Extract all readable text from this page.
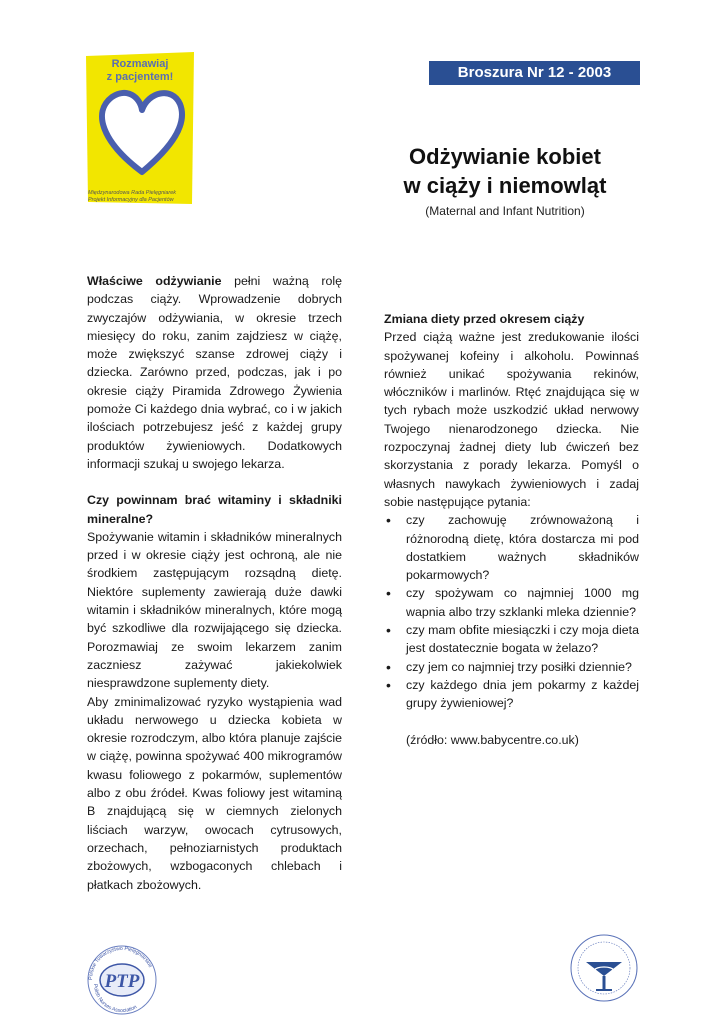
Rozmawiaj
z pacjentem!
Międzynarodowa Rada Pielęgniarek
Projekt Informacyjny dla Pacjentów
Broszura Nr 12 - 2003
Odżywianie kobiet
w ciąży i niemowląt
(Maternal and Infant Nutrition)

Właściwe odżywianie pełni ważną rolę podczas ciąży. Wprowadzenie dobrych zwyczajów odżywiania, w okresie trzech miesięcy do roku, zanim zajdziesz w ciążę, może zwiększyć szanse zdrowej ciąży i dziecka. Zarówno przed, podczas, jak i po okresie ciąży Piramida Zdrowego Żywienia pomoże Ci każdego dnia wybrać, co i w jakich ilościach potrzebujesz jeść z każdej grupy produktów żywieniowych. Dodatkowych informacji szukaj u swojego lekarza.

Czy powinnam brać witaminy i składniki mineralne?

Spożywanie witamin i składników mineralnych przed i w okresie ciąży jest ochroną, ale nie środkiem zastępującym rozsądną dietę. Niektóre suplementy zawierają duże dawki witamin i składników mineralnych, które mogą być szkodliwe dla rozwijającego się dziecka. Porozmawiaj ze swoim lekarzem zanim zaczniesz zażywać jakiekolwiek niesprawdzone suplementy diety.

Aby zminimalizować ryzyko wystąpienia wad układu nerwowego u dziecka kobieta w okresie rozrodczym, albo która planuje zajście w ciążę, powinna spożywać 400 mikrogramów kwasu foliowego z pokarmów, suplementów albo z obu źródeł. Kwas foliowy jest witaminą B znajdującą się w ciemnych zielonych liściach warzyw, owocach cytrusowych, orzechach, pełnoziarnistych produktach zbożowych, wzbogaconych chlebach i płatkach zbożowych.

Zmiana diety przed okresem ciąży

Przed ciążą ważne jest zredukowanie ilości spożywanej kofeiny i alkoholu. Powinnaś również unikać spożywania rekinów, włóczników i marlinów. Rtęć znajdująca się w tych rybach może uszkodzić układ nerwowy Twojego nienarodzonego dziecka. Nie rozpoczynaj żadnej diety lub ćwiczeń bez skorzystania z porady lekarza. Pomyśl o własnych nawykach żywieniowych i zadaj sobie następujące pytania:

• czy zachowuję zrównoważoną i różnorodną dietę, która dostarcza mi pod dostatkiem ważnych składników pokarmowych?
• czy spożywam co najmniej 1000 mg wapnia albo trzy szklanki mleka dziennie?
• czy mam obfite miesiączki i czy moja dieta jest dostatecznie bogata w żelazo?
• czy jem co najmniej trzy posiłki dziennie?
• czy każdego dnia jem pokarmy z każdej grupy żywieniowej?

(źródło: www.babycentre.co.uk)

Polskie Towarzystwo Pielęgniarskie
Polish Nurses Association
PTP
